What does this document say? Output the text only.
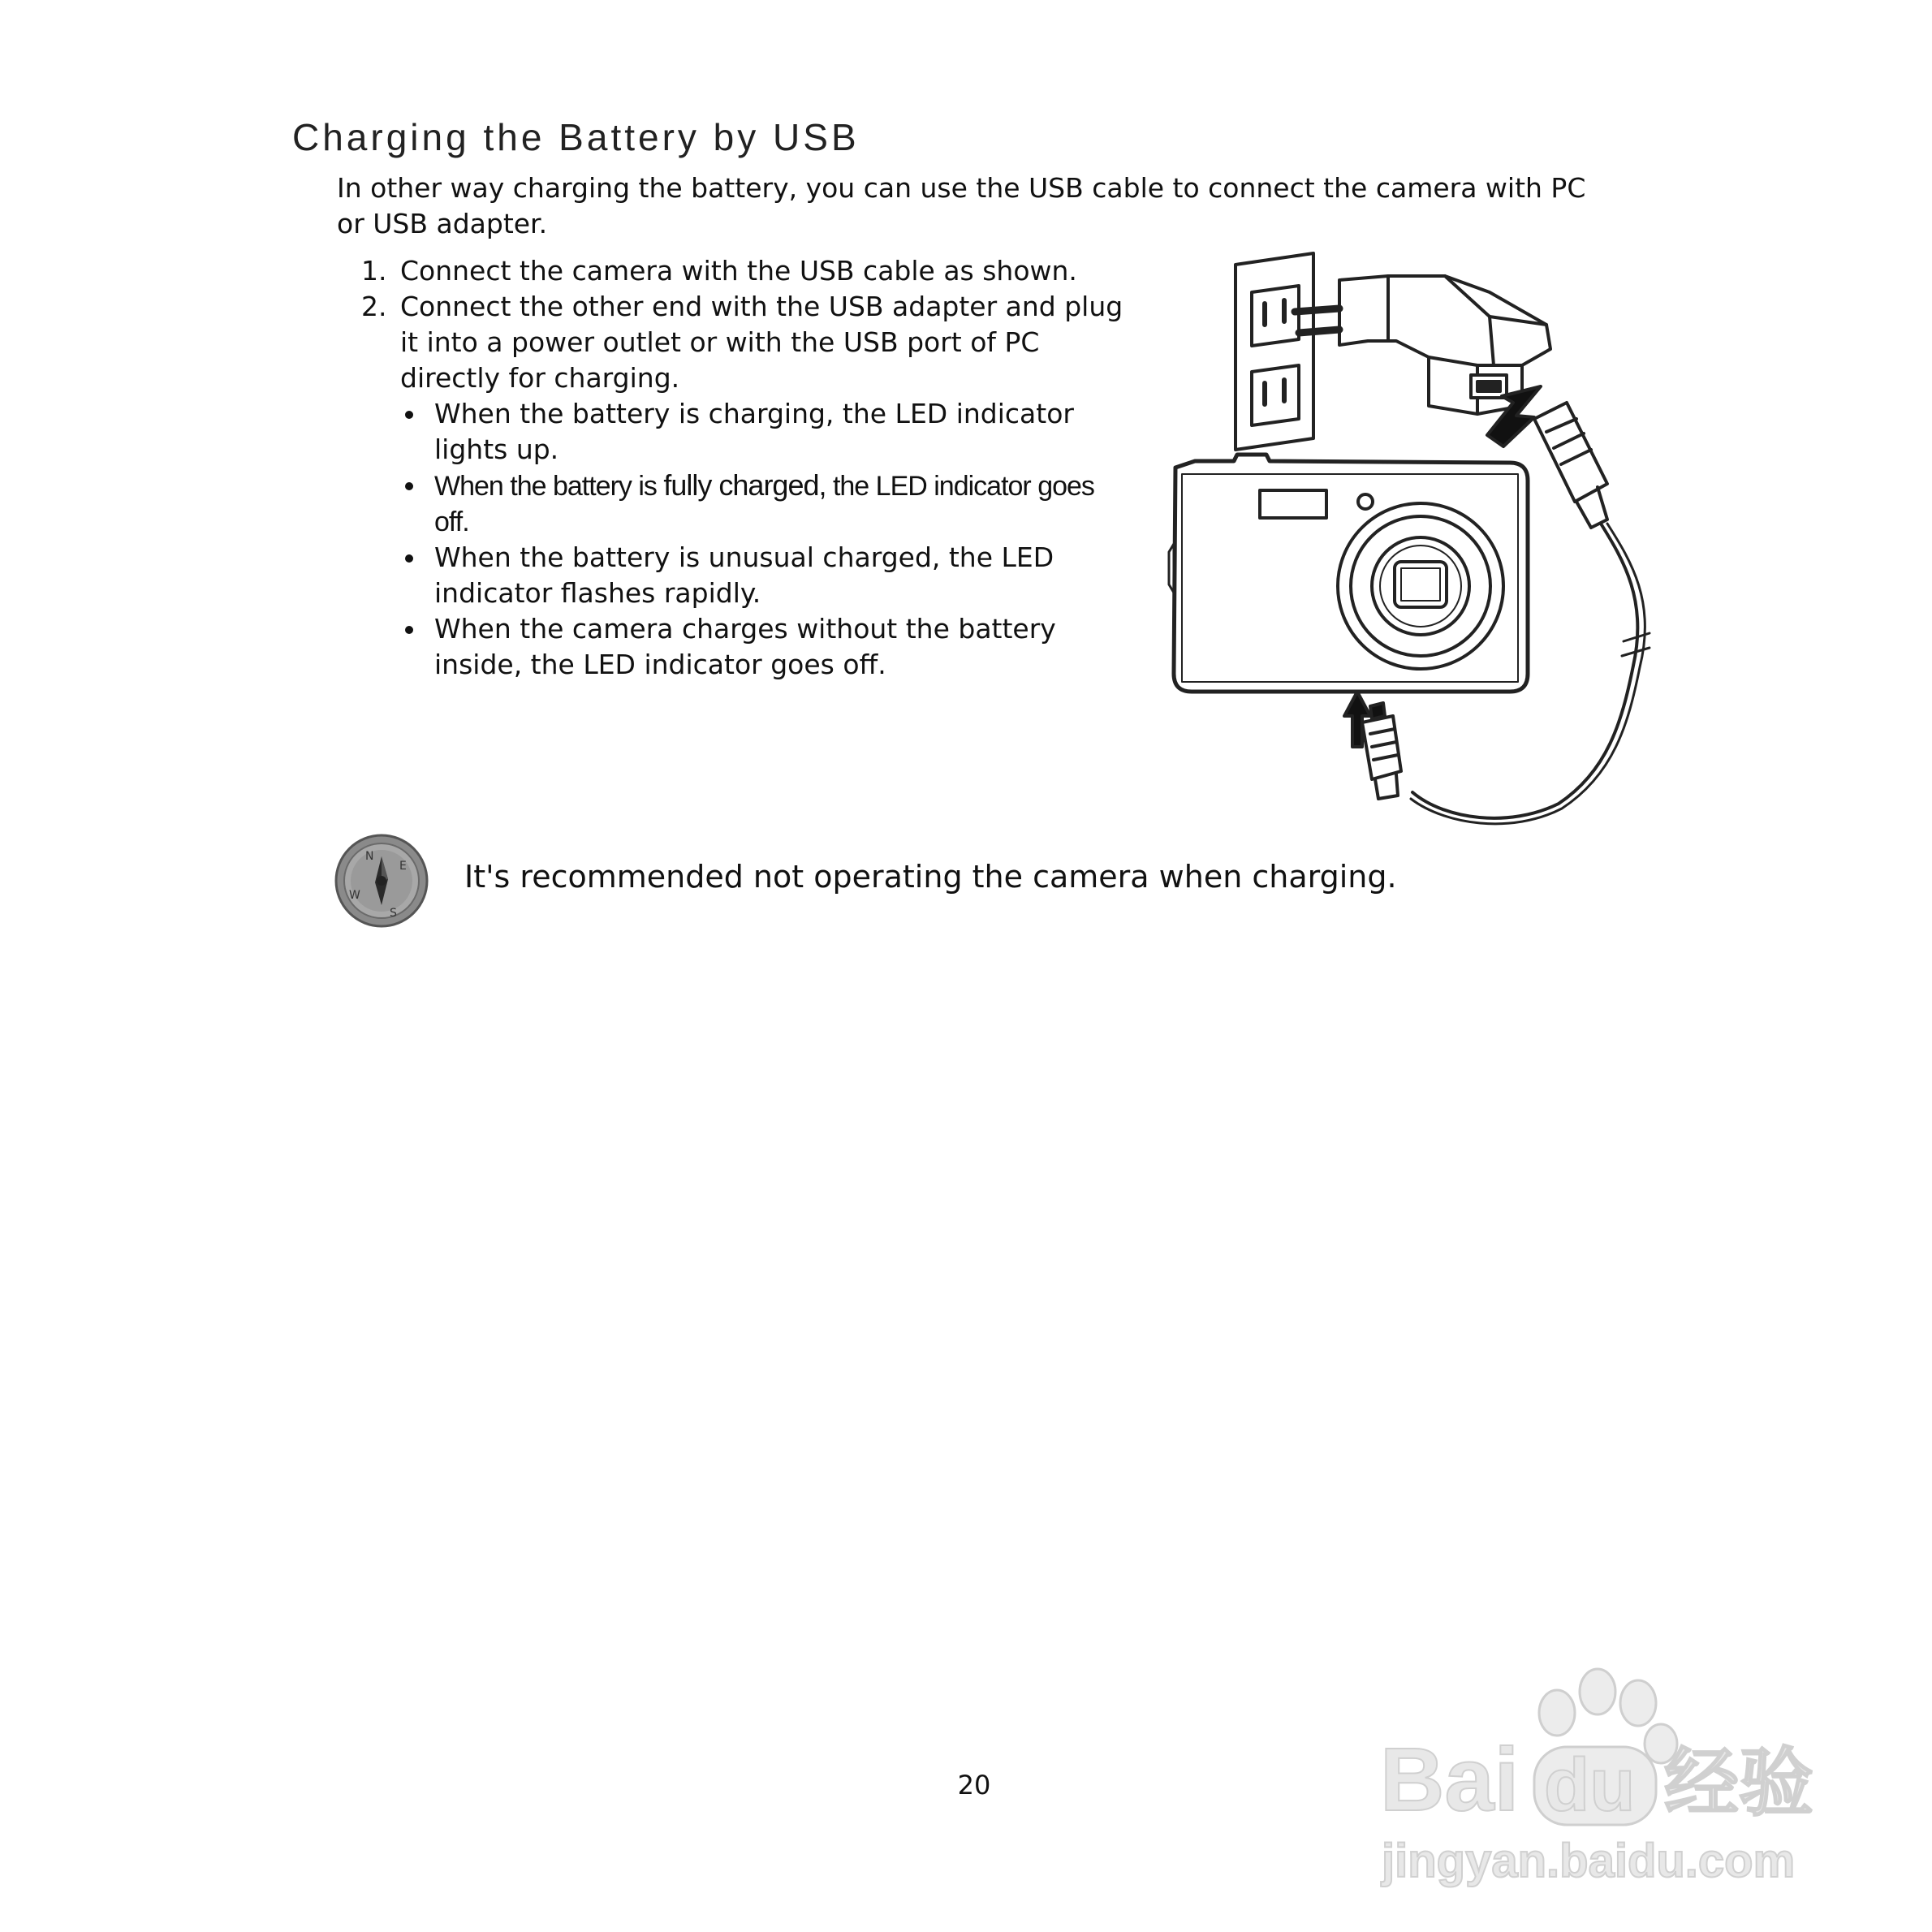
Charging the Battery by USB

In other way charging the battery, you can use the USB cable to connect the camera with PC or USB adapter.

1. Connect the camera with the USB cable as shown.
2. Connect the other end with the USB adapter and plug it into a power outlet or with the USB port of PC directly for charging.
When the battery is charging, the LED indicator lights up.
When the battery is fully charged, the LED indicator goes off.
When the battery is unusual charged, the LED indicator flashes rapidly.
When the camera charges without the battery inside, the LED indicator goes off.
N
E
W
S
It's recommended not operating the camera when charging.
20	Bai du 经验
jingyan.baidu.com
